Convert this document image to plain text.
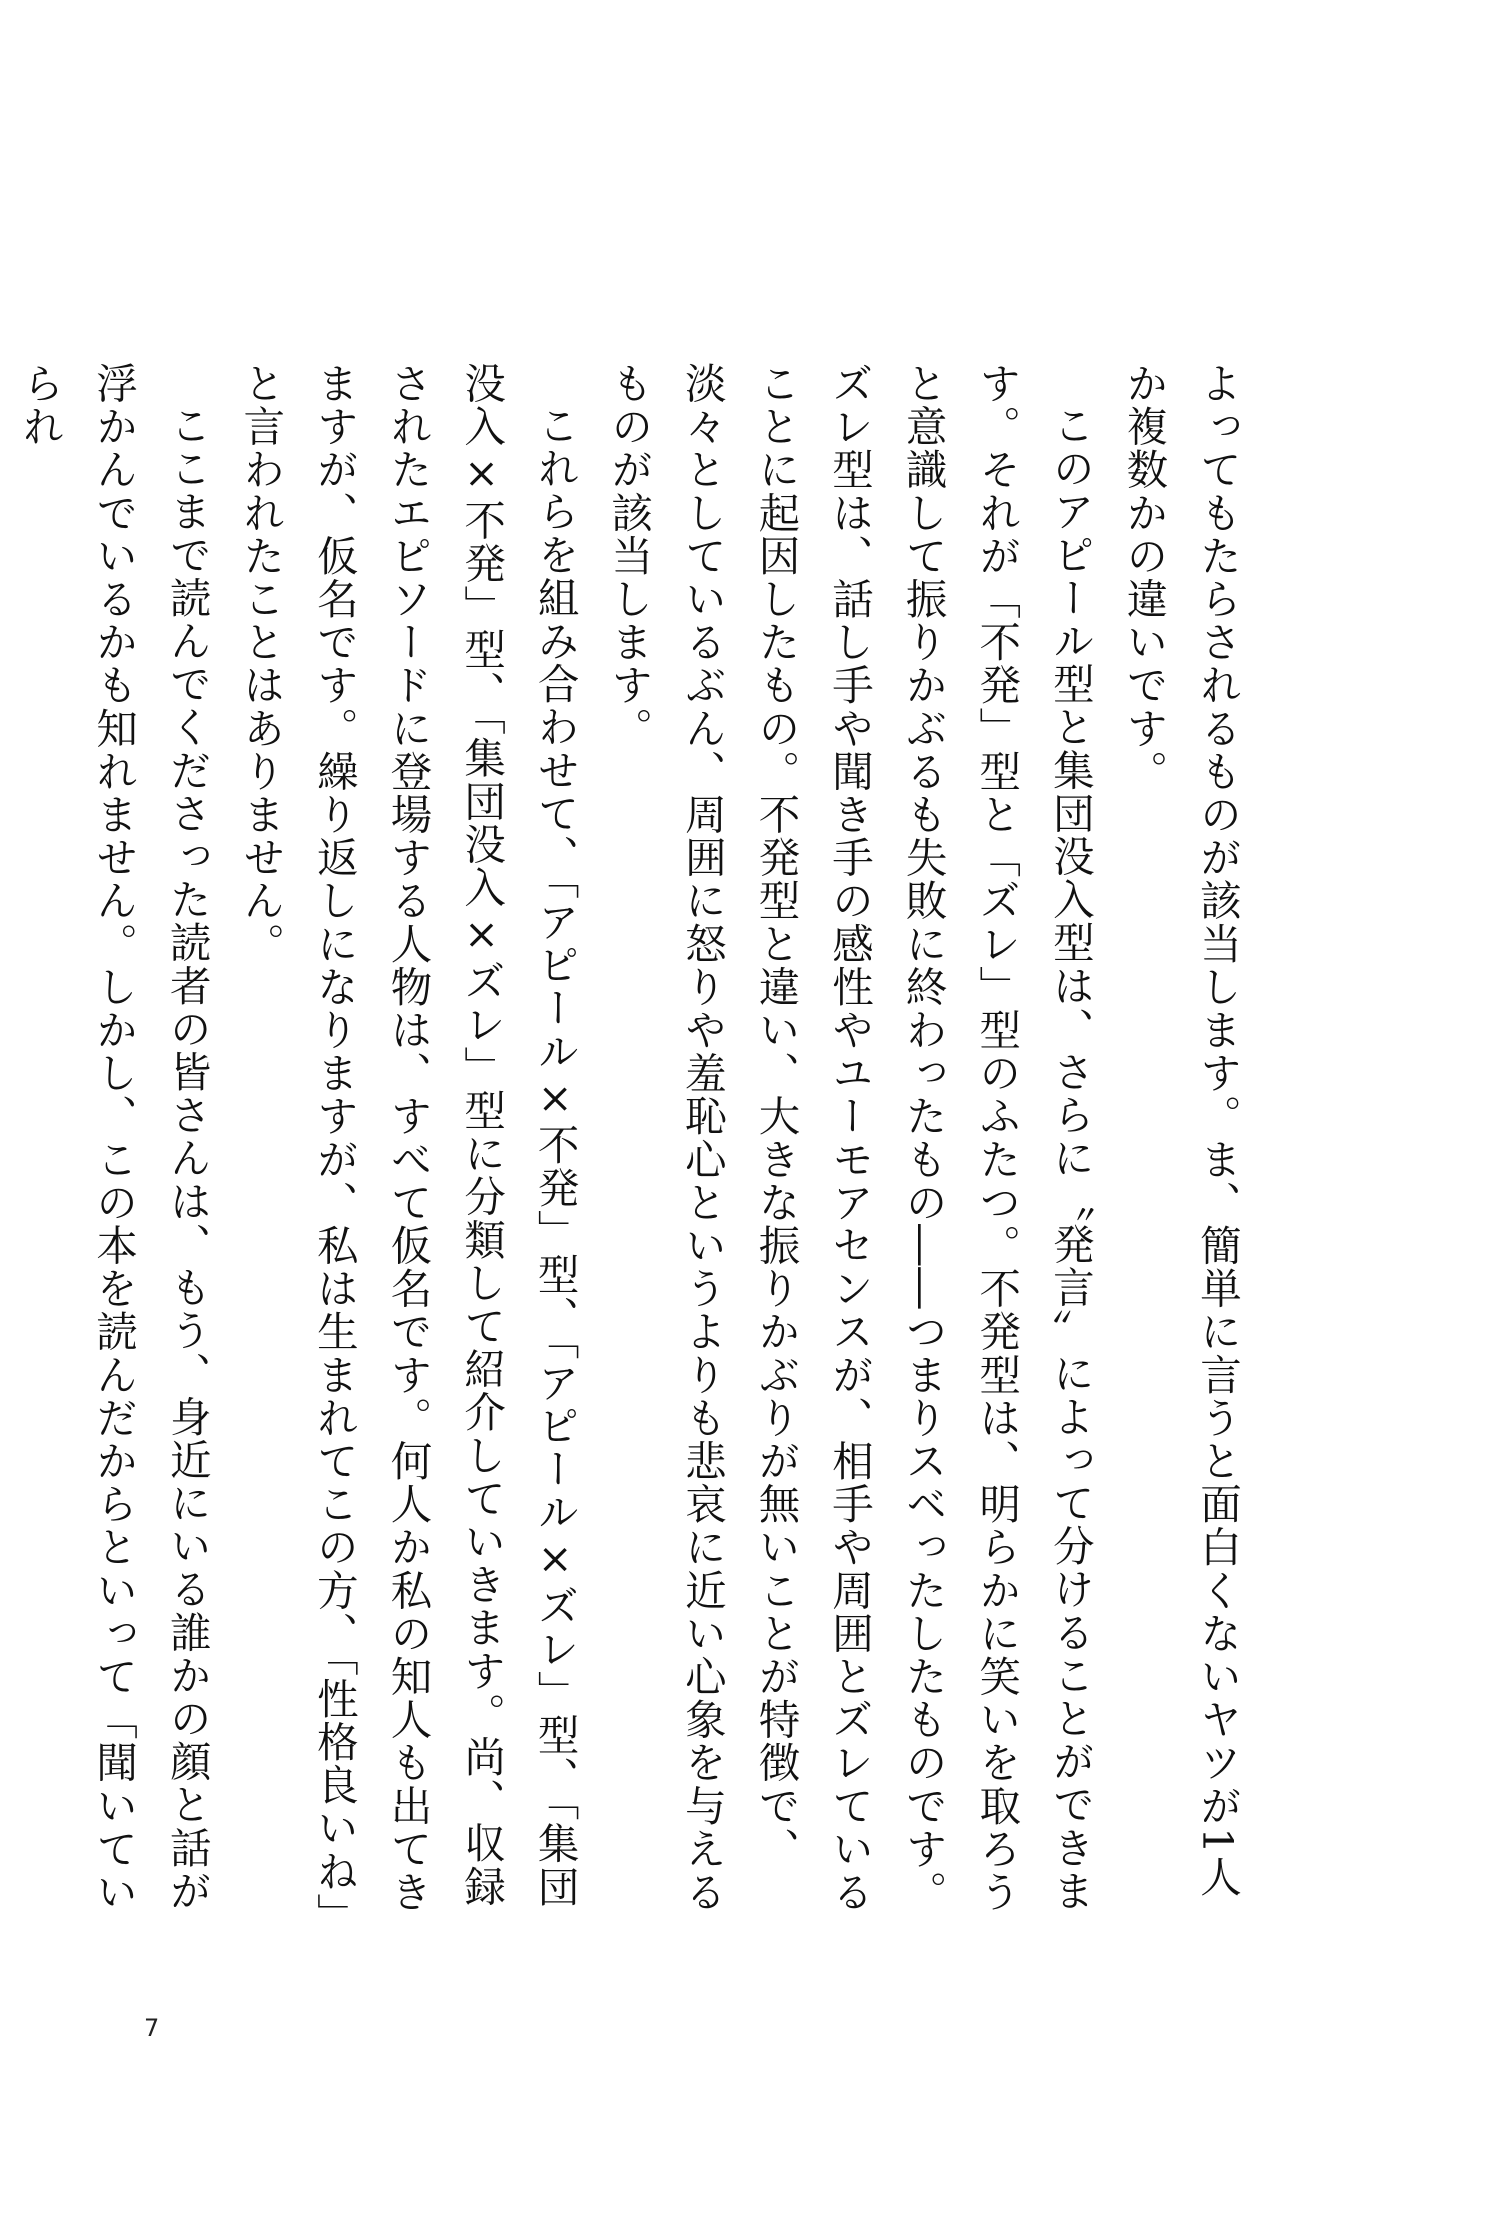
よってもたらされるものが該当します。ま、簡単に言うと面白くないヤツが1人か複数かの違いです。

このアピール型と集団没入型は、さらに〝発言〟によって分けることができます。それが「不発」型と「ズレ」型のふたつ。不発型は、明らかに笑いを取ろうと意識して振りかぶるも失敗に終わったもの――つまりスベったしたものです。ズレ型は、話し手や聞き手の感性やユーモアセンスが、相手や周囲とズレていることに起因したもの。不発型と違い、大きな振りかぶりが無いことが特徴で、淡々としているぶん、周囲に怒りや羞恥心というよりも悲哀に近い心象を与えるものが該当します。

これらを組み合わせて、「アピール×不発」型、「アピール×ズレ」型、「集団没入×不発」型、「集団没入×ズレ」型に分類して紹介していきます。尚、収録されたエピソードに登場する人物は、すべて仮名です。何人か私の知人も出てきますが、仮名です。繰り返しになりますが、私は生まれてこの方、「性格良いね」と言われたことはありません。

ここまで読んでくださった読者の皆さんは、もう、身近にいる誰かの顔と話が浮かんでいるかも知れません。しかし、この本を読んだからといって「聞いていられ

7
